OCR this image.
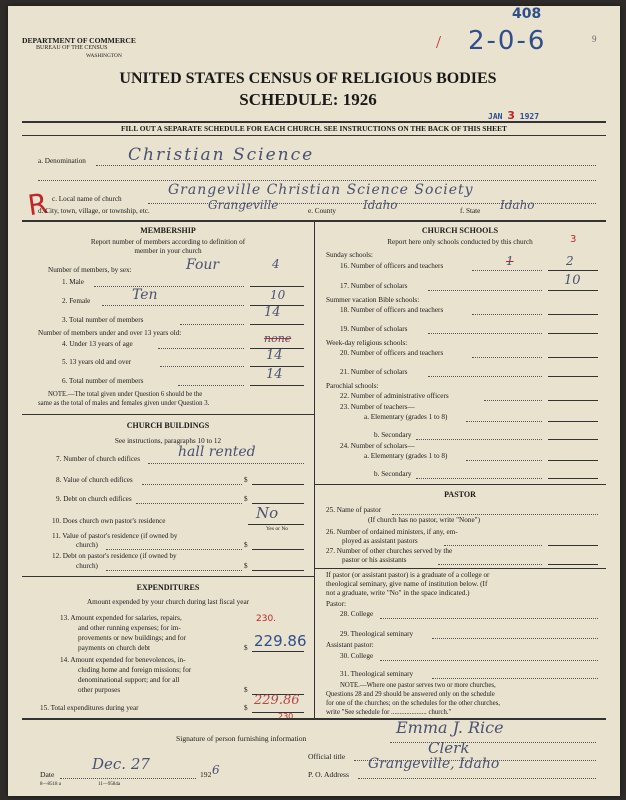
DEPARTMENT OF COMMERCE
BUREAU OF THE CENSUS
WASHINGTON
408
/ 2-0-6	9
UNITED STATES CENSUS OF RELIGIOUS BODIES
SCHEDULE: 1926
JAN 3 1927
FILL OUT A SEPARATE SCHEDULE FOR EACH CHURCH. SEE INSTRUCTIONS ON THE BACK OF THIS SHEET
a. Denomination Christian Science
R c. Local name of church
Grangeville Christian Science Society
d. City, town, village, or township, etc.	Grangeville	e. County Idaho	f. State Idaho
MEMBERSHIP
Report number of members according to definition of
member in your church
Number of members, by sex:	Four	4
1. Male
2. Female	Ten	10
3. Total number of members	14
Number of members under and over 13 years old:
4. Under 13 years of age	none
5. 13 years old and over	14
6. Total number of members	14
NOTE.—The total given under Question 6 should be the
same as the total of males and females given under Question 3.
CHURCH BUILDINGS
See instructions, paragraphs 10 to 12
7. Number of church edifices	hall rented
8. Value of church edifices	$
9. Debt on church edifices	$
10. Does church own pastor's residence	No
Yes or No
11. Value of pastor's residence (if owned by
church)	$
12. Debt on pastor's residence (if owned by
church)	$
EXPENDITURES
Amount expended by your church during last fiscal year
13. Amount expended for salaries, repairs,
and other running expenses; for im-
provements or new buildings; and for
payments on church debt
230.
$ 229.86
14. Amount expended for benevolences, in-
cluding home and foreign missions; for
denominational support; and for all
other purposes	$
15. Total expenditures during year	$ 229.86
230.
CHURCH SCHOOLS
Report here only schools conducted by this church	3
Sunday schools:
16. Number of officers and teachers	1	2
17. Number of scholars	10
Summer vacation Bible schools:
18. Number of officers and teachers
19. Number of scholars
Week-day religious schools:
20. Number of officers and teachers
21. Number of scholars
Parochial schools:
22. Number of administrative officers
23. Number of teachers—
a. Elementary (grades 1 to 8)
b. Secondary
24. Number of scholars—
a. Elementary (grades 1 to 8)
b. Secondary
PASTOR
25. Name of pastor
(If church has no pastor, write "None")
26. Number of ordained ministers, if any, em-
ployed as assistant pastors
27. Number of other churches served by the
pastor or his assistants
If pastor (or assistant pastor) is a graduate of a college or
theological seminary, give name of institution below. (If
not a graduate, write "No" in the space indicated.)
Pastor:
28. College
29. Theological seminary
Assistant pastor:
30. College
31. Theological seminary
NOTE.—Where one pastor serves two or more churches,
Questions 28 and 29 should be answered only on the schedule
for one of the churches; on the schedules for the other churches,
write "See schedule for ..................... church."
Signature of person furnishing information
Emma J. Rice
Official title	Clerk
Date
Dec. 27
192 6	P. O. Address
Grangeville, Idaho
8—8518 a	11—9584a
